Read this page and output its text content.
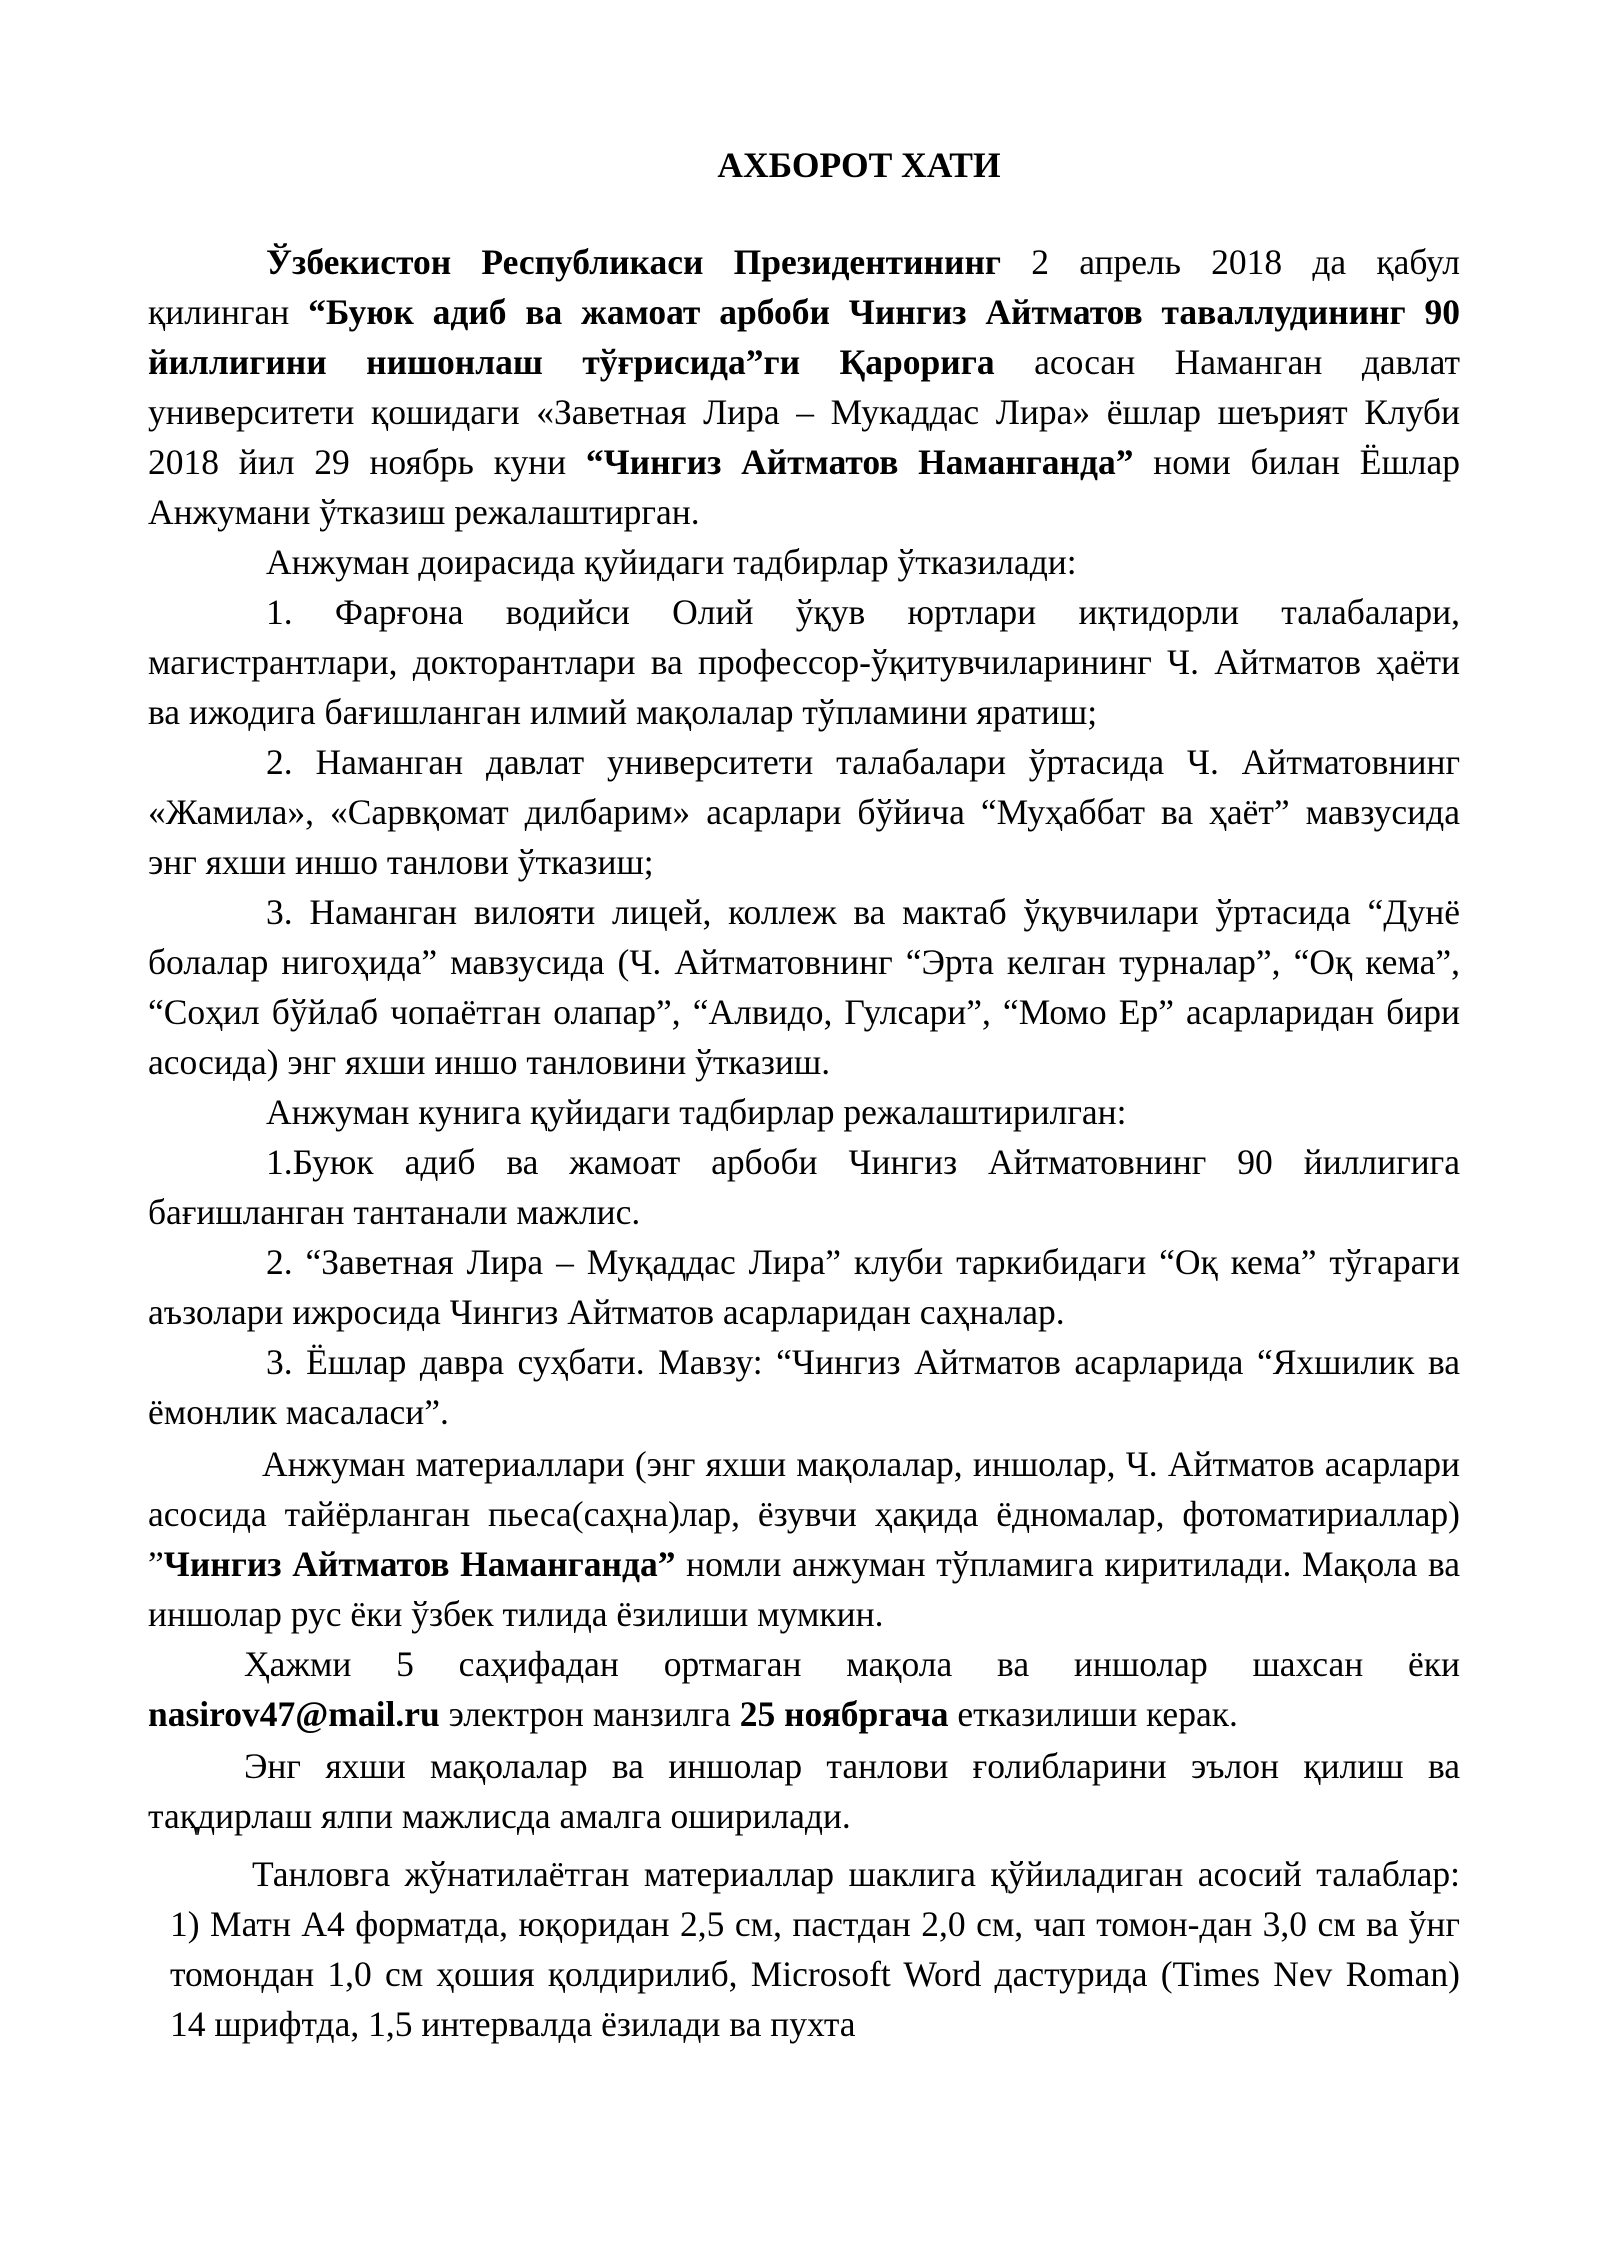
АХБОРОТ ХАТИ

Ўзбекистон Республикаси Президентининг 2 апрель 2018 да қабул қилинган “Буюк адиб ва жамоат арбоби Чингиз Айтматов таваллудининг 90 йиллигини нишонлаш тўғрисида”ги Қарорига асосан Наманган давлат университети қошидаги «Заветная Лира – Мукаддас Лира» ёшлар шеърият Клуби 2018 йил 29 ноябрь куни “Чингиз Айтматов Наманганда” номи билан Ёшлар Анжумани ўтказиш режалаштирган.

Анжуман доирасида қуйидаги тадбирлар ўтказилади:

1. Фарғона водийси Олий ўқув юртлари иқтидорли талабалари, магистрантлари, докторантлари ва профессор-ўқитувчиларининг Ч. Айтматов ҳаёти ва ижодига бағишланган илмий мақолалар тўпламини яратиш;

2. Наманган давлат университети талабалари ўртасида Ч. Айтматовнинг «Жамила», «Сарвқомат дилбарим» асарлари бўйича “Муҳаббат ва ҳаёт” мавзусида энг яхши иншо танлови ўтказиш;

3. Наманган вилояти лицей, коллеж ва мактаб ўқувчилари ўртасида “Дунё болалар нигоҳида” мавзусида (Ч. Айтматовнинг “Эрта келган турналар”, “Оқ кема”, “Соҳил бўйлаб чопаётган олапар”, “Алвидо, Гулсари”, “Момо Ер” асарларидан бири асосида) энг яхши иншо танловини ўтказиш.

Анжуман кунига қуйидаги тадбирлар режалаштирилган:

1.Буюк адиб ва жамоат арбоби Чингиз Айтматовнинг 90 йиллигига бағишланган тантанали мажлис.

2. “Заветная Лира – Муқаддас Лира” клуби таркибидаги “Оқ кема” тўгараги аъзолари ижросида Чингиз Айтматов асарларидан саҳналар.

3. Ёшлар давра суҳбати. Мавзу: “Чингиз Айтматов асарларида “Яхшилик ва ёмонлик масаласи”.

Анжуман материаллари (энг яхши мақолалар, иншолар, Ч. Айтматов асарлари асосида тайёрланган пьеса(саҳна)лар, ёзувчи ҳақида ёдномалар, фотоматириаллар) ”Чингиз Айтматов Наманганда” номли анжуман тўпламига киритилади. Мақола ва иншолар рус ёки ўзбек тилида ёзилиши мумкин.

Ҳажми 5 саҳифадан ортмаган мақола ва иншолар шахсан ёки nasirov47@mail.ru электрон манзилга 25 ноябргача етказилиши керак.

Энг яхши мақолалар ва иншолар танлови ғолибларини эълон қилиш ва тақдирлаш ялпи мажлисда амалга оширилади.

Танловга жўнатилаётган материаллар шаклига қўйиладиган асосий талаблар: 1) Матн А4 форматда, юқоридан 2,5 см, пастдан 2,0 см, чап томон-дан 3,0 см ва ўнг томондан 1,0 см ҳошия қолдирилиб, Microsoft Word дастурида (Times Nev Roman) 14 шрифтда, 1,5 интервалда ёзилади ва пухта
